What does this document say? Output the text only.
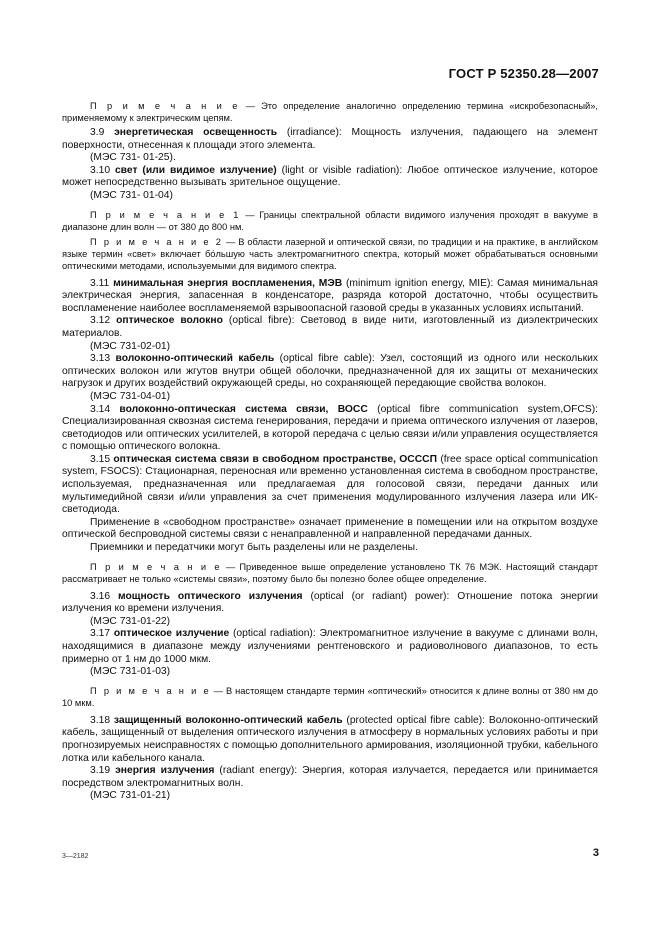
ГОСТ Р 52350.28—2007

П р и м е ч а н и е — Это определение аналогично определению термина «искробезопасный», применяемому к электрическим цепям.

3.9 энергетическая освещенность (irradiance): Мощность излучения, падающего на элемент поверхности, отнесенная к площади этого элемента.

(МЭС 731- 01-25).

3.10 свет (или видимое излучение) (light or visible radiation): Любое оптическое излучение, которое может непосредственно вызывать зрительное ощущение.

(МЭС 731- 01-04)

П р и м е ч а н и е 1 — Границы спектральной области видимого излучения проходят в вакууме в диапазоне длин волн — от 380 до 800 нм.

П р и м е ч а н и е 2 — В области лазерной и оптической связи, по традиции и на практике, в английском языке термин «свет» включает бо́льшую часть электромагнитного спектра, который может обрабатываться основными оптическими методами, используемыми для видимого спектра.

3.11 минимальная энергия воспламенения, МЭВ (minimum ignition energy, MIE): Самая минимальная электрическая энергия, запасенная в конденсаторе, разряда которой достаточно, чтобы осуществить воспламенение наиболее воспламеняемой взрывоопасной газовой среды в указанных условиях испытаний.

3.12 оптическое волокно (optical fibre): Световод в виде нити, изготовленный из диэлектрических материалов.

(МЭС 731-02-01)

3.13 волоконно-оптический кабель (optical fibre cable): Узел, состоящий из одного или нескольких оптических волокон или жгутов внутри общей оболочки, предназначенной для их защиты от механических нагрузок и других воздействий окружающей среды, но сохраняющей передающие свойства волокон.

(МЭС 731-04-01)

3.14 волоконно-оптическая система связи, ВОСС (optical fibre communication system,OFCS): Специализированная сквозная система генерирования, передачи и приема оптического излучения от лазеров, светодиодов или оптических усилителей, в которой передача с целью связи и/или управления осуществляется с помощью оптического волокна.

3.15 оптическая система связи в свободном пространстве, ОСССП (free space optical communication system, FSOCS): Стационарная, переносная или временно установленная система в свободном пространстве, используемая, предназначенная или предлагаемая для голосовой связи, передачи данных или мультимедийной связи и/или управления за счет применения модулированного излучения лазера или ИК-светодиода.

Применение в «свободном пространстве» означает применение в помещении или на открытом воздухе оптической беспроводной системы связи с ненаправленной и направленной передачами данных.

Приемники и передатчики могут быть разделены или не разделены.

П р и м е ч а н и е — Приведенное выше определение установлено ТК 76 МЭК. Настоящий стандарт рассматривает не только «системы связи», поэтому было бы полезно более общее определение.

3.16 мощность оптического излучения (optical (or radiant) power): Отношение потока энергии излучения ко времени излучения.

(МЭС 731-01-22)

3.17 оптическое излучение (optical radiation): Электромагнитное излучение в вакууме с длинами волн, находящимися в диапазоне между излучениями рентгеновского и радиоволнового диапазонов, то есть примерно от 1 нм до 1000 мкм.

(МЭС 731-01-03)

П р и м е ч а н и е — В настоящем стандарте термин «оптический» относится к длине волны от 380 нм до 10 мкм.

3.18 защищенный волоконно-оптический кабель (protected optical fibre cable): Волоконно-оптический кабель, защищенный от выделения оптического излучения в атмосферу в нормальных условиях работы и при прогнозируемых неисправностях с помощью дополнительного армирования, изоляционной трубки, кабельного лотка или кабельного канала.

3.19 энергия излучения (radiant energy): Энергия, которая излучается, передается или принимается посредством электромагнитных волн.

(МЭС 731-01-21)

3—2182	3
